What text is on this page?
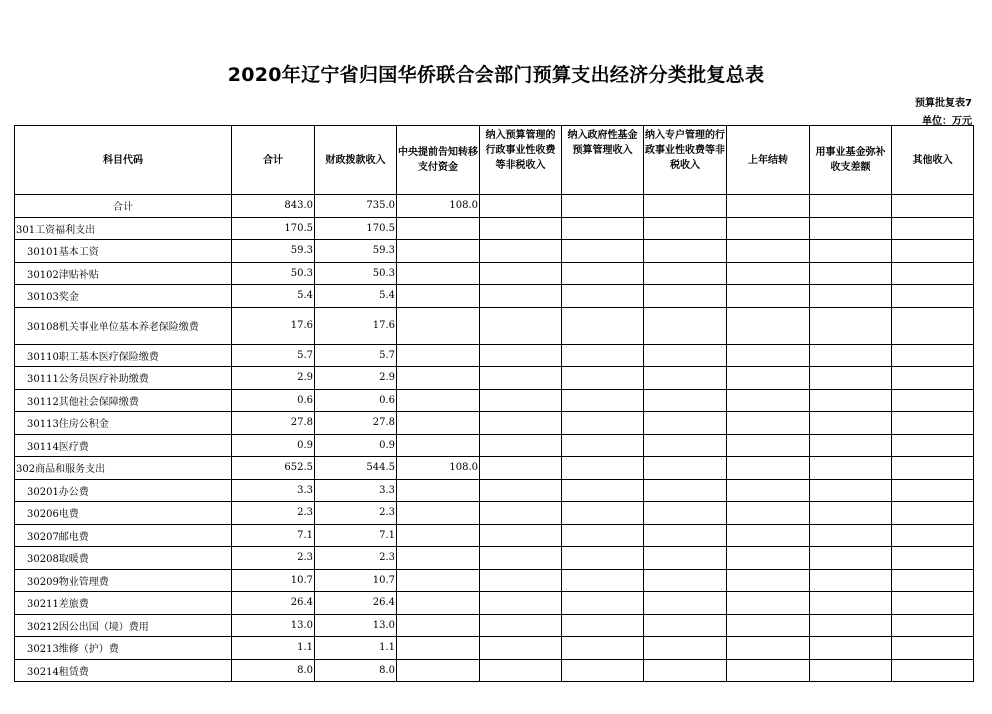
2020年辽宁省归国华侨联合会部门预算支出经济分类批复总表
预算批复表7
单位：万元
科目代码	合计	财政拨款收入	中央提前告知转移支付资金	纳入预算管理的行政事业性收费等非税收入	纳入政府性基金预算管理收入	纳入专户管理的行政事业性收费等非税收入	上年结转	用事业基金弥补收支差额	其他收入
合计	843.0	735.0	108.0						
301工资福利支出	170.5	170.5							
30101基本工资	59.3	59.3							
30102津贴补贴	50.3	50.3							
30103奖金	5.4	5.4							
30108机关事业单位基本养老保险缴费	17.6	17.6							
30110职工基本医疗保险缴费	5.7	5.7							
30111公务员医疗补助缴费	2.9	2.9							
30112其他社会保障缴费	0.6	0.6							
30113住房公积金	27.8	27.8							
30114医疗费	0.9	0.9							
302商品和服务支出	652.5	544.5	108.0						
30201办公费	3.3	3.3							
30206电费	2.3	2.3							
30207邮电费	7.1	7.1							
30208取暖费	2.3	2.3							
30209物业管理费	10.7	10.7							
30211差旅费	26.4	26.4							
30212因公出国（境）费用	13.0	13.0							
30213维修（护）费	1.1	1.1							
30214租赁费	8.0	8.0							
